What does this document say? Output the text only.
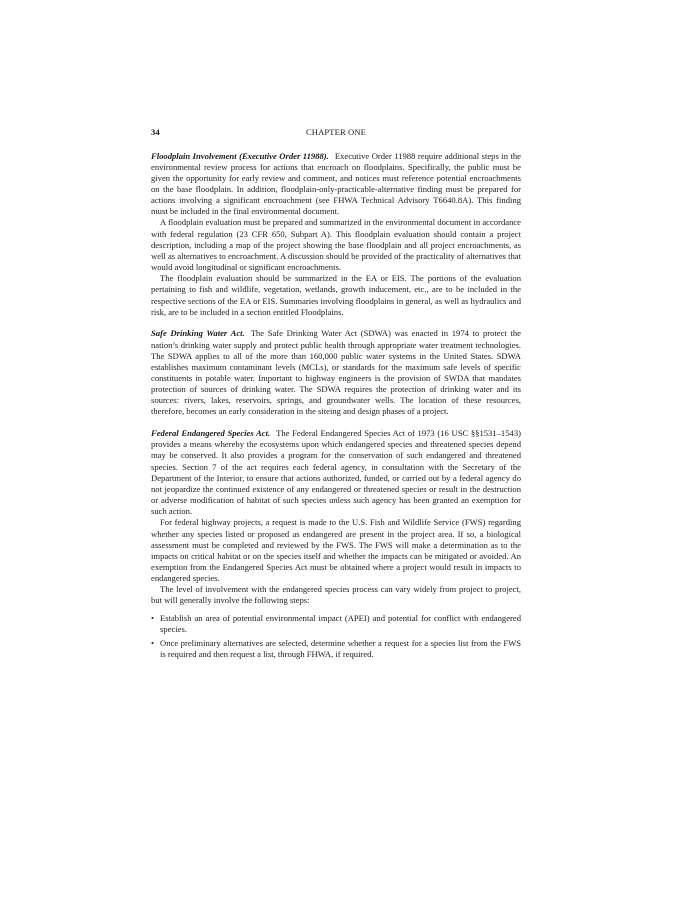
34	CHAPTER ONE

Floodplain Involvement (Executive Order 11988). Executive Order 11988 require additional steps in the environmental review process for actions that encroach on floodplains. Specifically, the public must be given the opportunity for early review and comment, and notices must reference potential encroachments on the base floodplain. In addition, floodplain-only-practicable-alternative finding must be prepared for actions involving a significant encroachment (see FHWA Technical Advisory T6640.8A). This finding must be included in the final environmental document.

A floodplain evaluation must be prepared and summarized in the environmental document in accordance with federal regulation (23 CFR 650, Subpart A). This floodplain evaluation should contain a project description, including a map of the project showing the base floodplain and all project encroachments, as well as alternatives to encroachment. A discussion should be provided of the practicality of alternatives that would avoid longitudinal or significant encroachments.

The floodplain evaluation should be summarized in the EA or EIS. The portions of the evaluation pertaining to fish and wildlife, vegetation, wetlands, growth inducement, etc., are to be included in the respective sections of the EA or EIS. Summaries involving floodplains in general, as well as hydraulics and risk, are to be included in a section entitled Floodplains.

Safe Drinking Water Act. The Safe Drinking Water Act (SDWA) was enacted in 1974 to protect the nation’s drinking water supply and protect public health through appropriate water treatment technologies. The SDWA applies to all of the more than 160,000 public water systems in the United States. SDWA establishes maximum contaminant levels (MCLs), or standards for the maximum safe levels of specific constituents in potable water. Important to highway engineers is the provision of SWDA that mandates protection of sources of drinking water. The SDWA requires the protection of drinking water and its sources: rivers, lakes, reservoirs, springs, and groundwater wells. The location of these resources, therefore, becomes an early consideration in the siteing and design phases of a project.

Federal Endangered Species Act. The Federal Endangered Species Act of 1973 (16 USC §§1531–1543) provides a means whereby the ecosystems upon which endangered species and threatened species depend may be conserved. It also provides a program for the conservation of such endangered and threatened species. Section 7 of the act requires each federal agency, in consultation with the Secretary of the Department of the Interior, to ensure that actions authorized, funded, or carried out by a federal agency do not jeopardize the continued existence of any endangered or threatened species or result in the destruction or adverse modification of habitat of such species unless such agency has been granted an exemption for such action.

For federal highway projects, a request is made to the U.S. Fish and Wildlife Service (FWS) regarding whether any species listed or proposed as endangered are present in the project area. If so, a biological assessment must be completed and reviewed by the FWS. The FWS will make a determination as to the impacts on critical habitat or on the species itself and whether the impacts can be mitigated or avoided. An exemption from the Endangered Species Act must be obtained where a project would result in impacts to endangered species.

The level of involvement with the endangered species process can vary widely from project to project, but will generally involve the following steps:

• Establish an area of potential environmental impact (APEI) and potential for conflict with endangered species.
• Once preliminary alternatives are selected, determine whether a request for a species list from the FWS is required and then request a list, through FHWA, if required.
